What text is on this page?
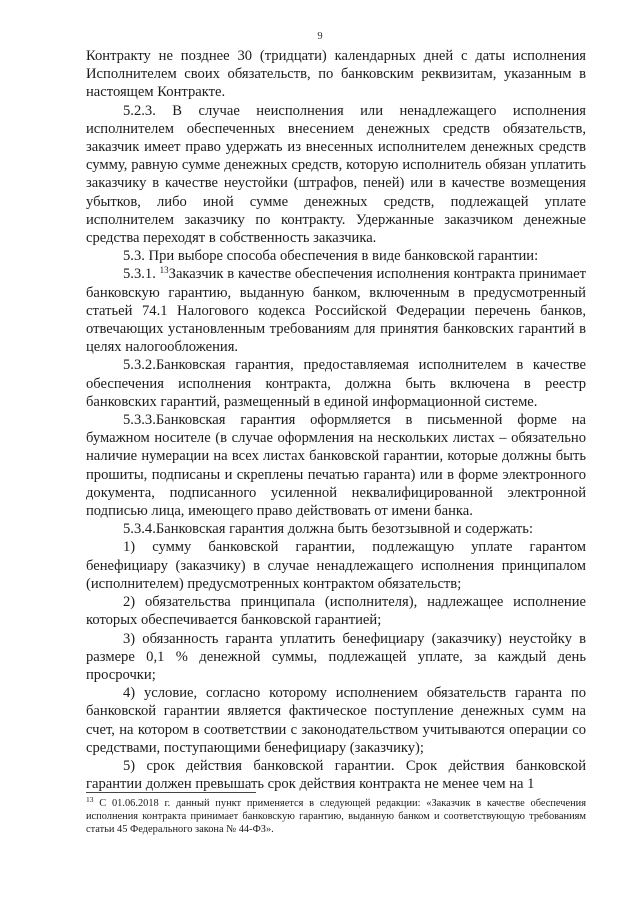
9

Контракту не позднее 30 (тридцати) календарных дней с даты исполнения Исполнителем своих обязательств, по банковским реквизитам, указанным в настоящем Контракте.

5.2.3. В случае неисполнения или ненадлежащего исполнения исполнителем обеспеченных внесением денежных средств обязательств, заказчик имеет право удержать из внесенных исполнителем денежных средств сумму, равную сумме денежных средств, которую исполнитель обязан уплатить заказчику в качестве неустойки (штрафов, пеней) или в качестве возмещения убытков, либо иной сумме денежных средств, подлежащей уплате исполнителем заказчику по контракту. Удержанные заказчиком денежные средства переходят в собственность заказчика.

5.3. При выборе способа обеспечения в виде банковской гарантии:

5.3.1. $^{13}$Заказчик в качестве обеспечения исполнения контракта принимает банковскую гарантию, выданную банком, включенным в предусмотренный статьей 74.1 Налогового кодекса Российской Федерации перечень банков, отвечающих установленным требованиям для принятия банковских гарантий в целях налогообложения.

5.3.2.Банковская гарантия, предоставляемая исполнителем в качестве обеспечения исполнения контракта, должна быть включена в реестр банковских гарантий, размещенный в единой информационной системе.

5.3.3.Банковская гарантия оформляется в письменной форме на бумажном носителе (в случае оформления на нескольких листах – обязательно наличие нумерации на всех листах банковской гарантии, которые должны быть прошиты, подписаны и скреплены печатью гаранта) или в форме электронного документа, подписанного усиленной неквалифицированной электронной подписью лица, имеющего право действовать от имени банка.

5.3.4.Банковская гарантия должна быть безотзывной и содержать:

1) сумму банковской гарантии, подлежащую уплате гарантом бенефициару (заказчику) в случае ненадлежащего исполнения принципалом (исполнителем) предусмотренных контрактом обязательств;

2) обязательства принципала (исполнителя), надлежащее исполнение которых обеспечивается банковской гарантией;

3) обязанность гаранта уплатить бенефициару (заказчику) неустойку в размере 0,1 % денежной суммы, подлежащей уплате, за каждый день просрочки;

4) условие, согласно которому исполнением обязательств гаранта по банковской гарантии является фактическое поступление денежных сумм на счет, на котором в соответствии с законодательством учитываются операции со средствами, поступающими бенефициару (заказчику);

5) срок действия банковской гарантии. Срок действия банковской гарантии должен превышать срок действия контракта не менее чем на 1

$^{13}$ С 01.06.2018 г. данный пункт применяется в следующей редакции: «Заказчик в качестве обеспечения исполнения контракта принимает банковскую гарантию, выданную банком и соответствующую требованиям статьи 45 Федерального закона № 44-ФЗ».
